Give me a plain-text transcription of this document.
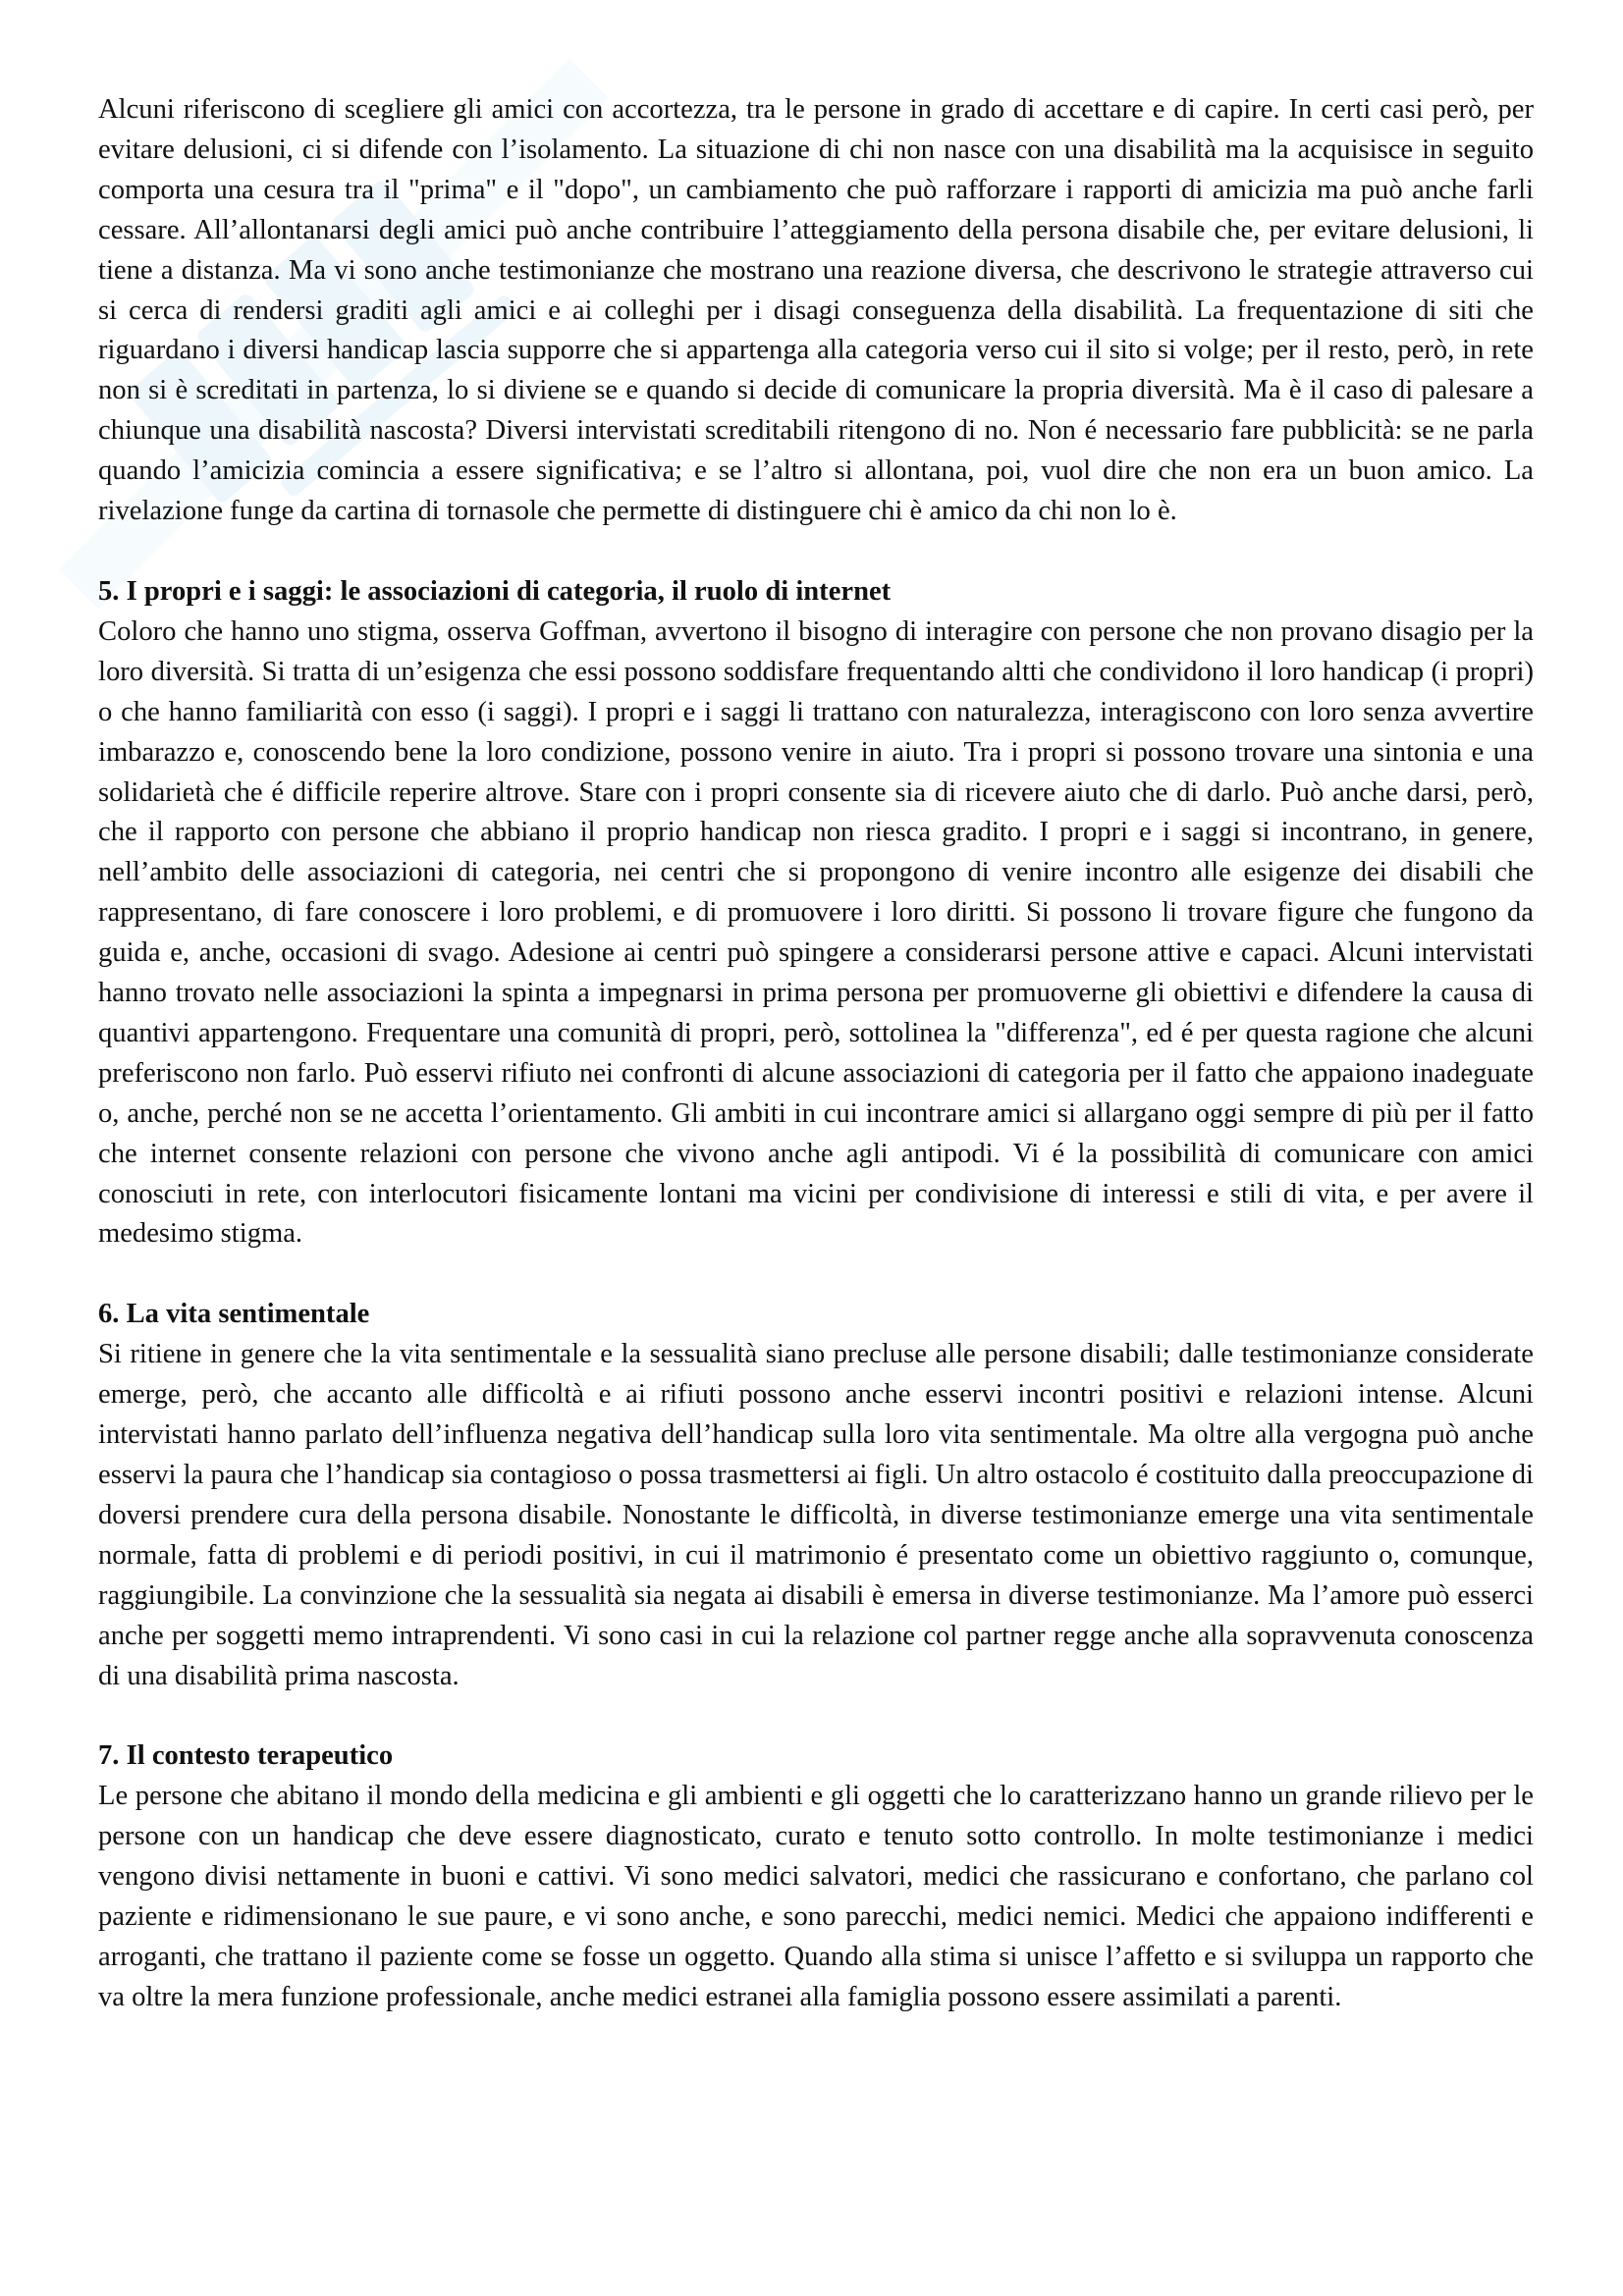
Alcuni riferiscono di scegliere gli amici con accortezza, tra le persone in grado di accettare e di capire. In certi casi però, per evitare delusioni, ci si difende con l’isolamento. La situazione di chi non nasce con una disabilità ma la acquisisce in seguito comporta una cesura tra il "prima" e il "dopo", un cambiamento che può rafforzare i rapporti di amicizia ma può anche farli cessare. All’allontanarsi degli amici può anche contribuire l’atteggiamento della persona disabile che, per evitare delusioni, li tiene a distanza. Ma vi sono anche testimonianze che mostrano una reazione diversa, che descrivono le strategie attraverso cui si cerca di rendersi graditi agli amici e ai colleghi per i disagi conseguenza della disabilità. La frequentazione di siti che riguardano i diversi handicap lascia supporre che si appartenga alla categoria verso cui il sito si volge; per il resto, però, in rete non si è screditati in partenza, lo si diviene se e quando si decide di comunicare la propria diversità. Ma è il caso di palesare a chiunque una disabilità nascosta? Diversi intervistati screditabili ritengono di no. Non é necessario fare pubblicità: se ne parla quando l’amicizia comincia a essere significativa; e se l’altro si allontana, poi, vuol dire che non era un buon amico. La rivelazione funge da cartina di tornasole che permette di distinguere chi è amico da chi non lo è.

5. I propri e i saggi: le associazioni di categoria, il ruolo di internet

Coloro che hanno uno stigma, osserva Goffman, avvertono il bisogno di interagire con persone che non provano disagio per la loro diversità. Si tratta di un’esigenza che essi possono soddisfare frequentando altti che condividono il loro handicap (i propri) o che hanno familiarità con esso (i saggi). I propri e i saggi li trattano con naturalezza, interagiscono con loro senza avvertire imbarazzo e, conoscendo bene la loro condizione, possono venire in aiuto. Tra i propri si possono trovare una sintonia e una solidarietà che é difficile reperire altrove. Stare con i propri consente sia di ricevere aiuto che di darlo. Può anche darsi, però, che il rapporto con persone che abbiano il proprio handicap non riesca gradito. I propri e i saggi si incontrano, in genere, nell’ambito delle associazioni di categoria, nei centri che si propongono di venire incontro alle esigenze dei disabili che rappresentano, di fare conoscere i loro problemi, e di promuovere i loro diritti. Si possono li trovare figure che fungono da guida e, anche, occasioni di svago. Adesione ai centri può spingere a considerarsi persone attive e capaci. Alcuni intervistati hanno trovato nelle associazioni la spinta a impegnarsi in prima persona per promuoverne gli obiettivi e difendere la causa di quantivi appartengono. Frequentare una comunità di propri, però, sottolinea la "differenza", ed é per questa ragione che alcuni preferiscono non farlo. Può esservi rifiuto nei confronti di alcune associazioni di categoria per il fatto che appaiono inadeguate o, anche, perché non se ne accetta l’orientamento. Gli ambiti in cui incontrare amici si allargano oggi sempre di più per il fatto che internet consente relazioni con persone che vivono anche agli antipodi. Vi é la possibilità di comunicare con amici conosciuti in rete, con interlocutori fisicamente lontani ma vicini per condivisione di interessi e stili di vita, e per avere il medesimo stigma.

6. La vita sentimentale

Si ritiene in genere che la vita sentimentale e la sessualità siano precluse alle persone disabili; dalle testimonianze considerate emerge, però, che accanto alle difficoltà e ai rifiuti possono anche esservi incontri positivi e relazioni intense. Alcuni intervistati hanno parlato dell’influenza negativa dell’handicap sulla loro vita sentimentale. Ma oltre alla vergogna può anche esservi la paura che l’handicap sia contagioso o possa trasmettersi ai figli. Un altro ostacolo é costituito dalla preoccupazione di doversi prendere cura della persona disabile. Nonostante le difficoltà, in diverse testimonianze emerge una vita sentimentale normale, fatta di problemi e di periodi positivi, in cui il matrimonio é presentato come un obiettivo raggiunto o, comunque, raggiungibile. La convinzione che la sessualità sia negata ai disabili è emersa in diverse testimonianze. Ma l’amore può esserci anche per soggetti memo intraprendenti. Vi sono casi in cui la relazione col partner regge anche alla sopravvenuta conoscenza di una disabilità prima nascosta.

7. Il contesto terapeutico

Le persone che abitano il mondo della medicina e gli ambienti e gli oggetti che lo caratterizzano hanno un grande rilievo per le persone con un handicap che deve essere diagnosticato, curato e tenuto sotto controllo. In molte testimonianze i medici vengono divisi nettamente in buoni e cattivi. Vi sono medici salvatori, medici che rassicurano e confortano, che parlano col paziente e ridimensionano le sue paure, e vi sono anche, e sono parecchi, medici nemici. Medici che appaiono indifferenti e arroganti, che trattano il paziente come se fosse un oggetto. Quando alla stima si unisce l’affetto e si sviluppa un rapporto che va oltre la mera funzione professionale, anche medici estranei alla famiglia possono essere assimilati a parenti.
